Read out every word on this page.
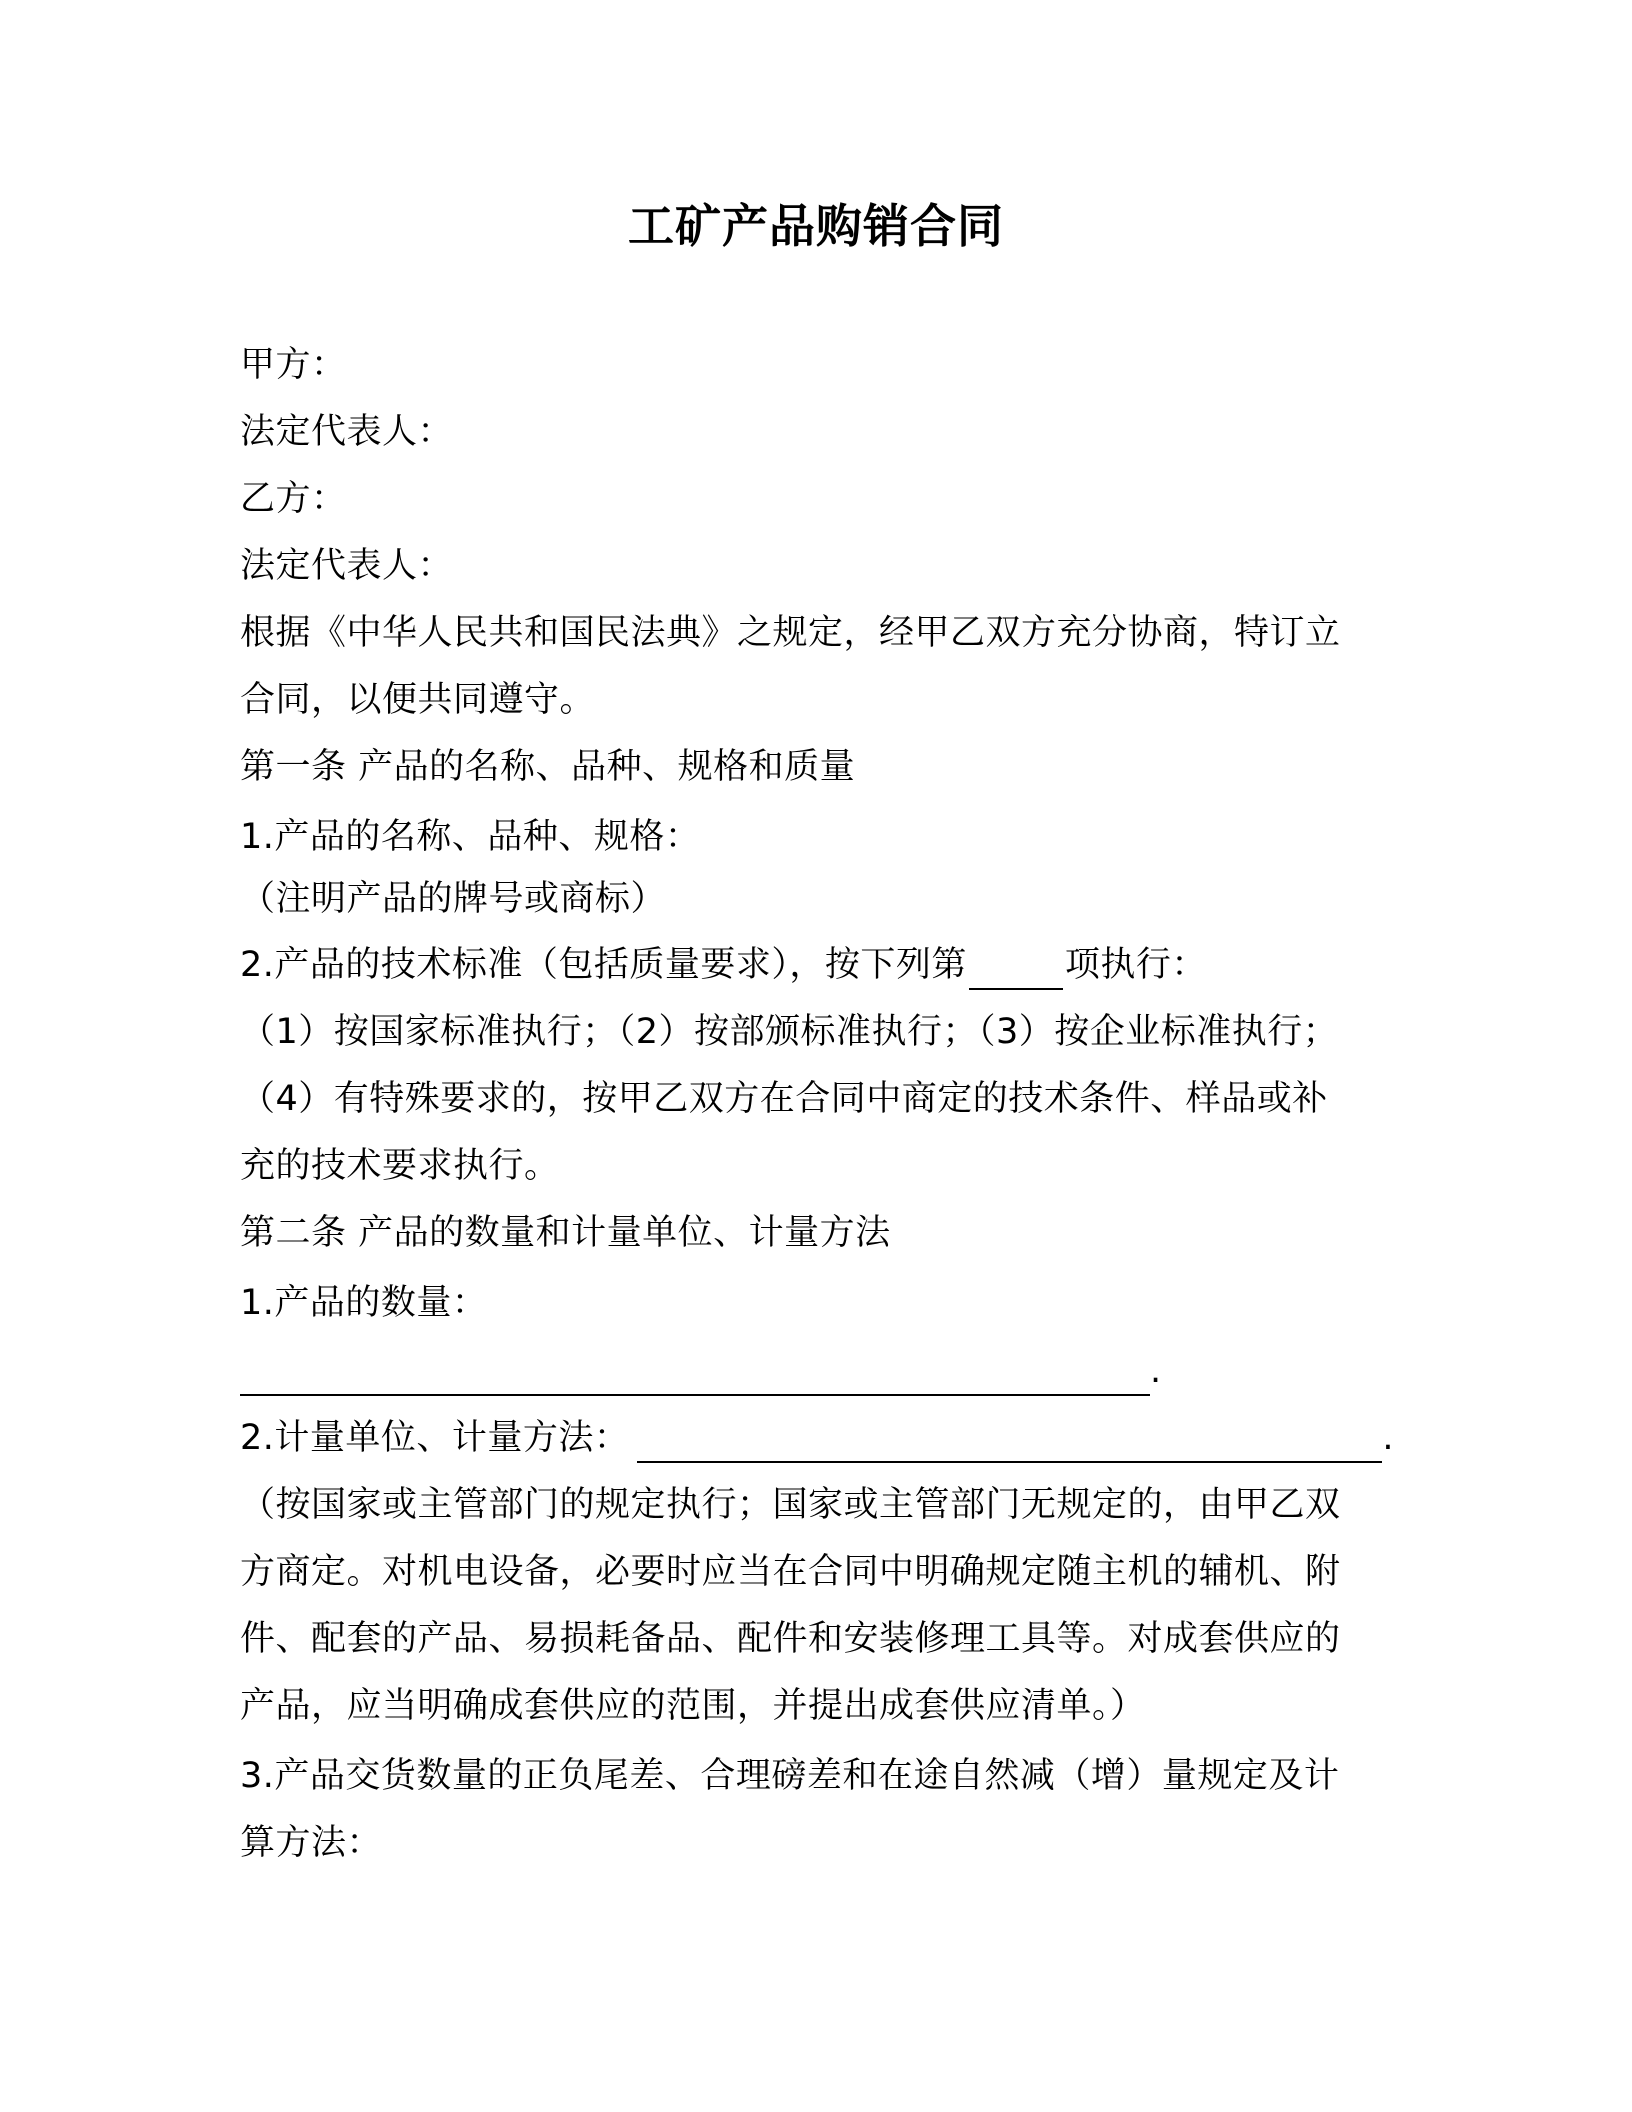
工矿产品购销合同
甲方：
法定代表人：
乙方：
法定代表人：
根据《中华人民共和国民法典》之规定，经甲乙双方充分协商，特订立
合同，以便共同遵守。
第一条 产品的名称、品种、规格和质量
1.产品的名称、品种、规格：
（注明产品的牌号或商标）
2.产品的技术标准（包括质量要求），按下列第	项执行：
（1）按国家标准执行；（2）按部颁标准执行；（3）按企业标准执行；
（4）有特殊要求的，按甲乙双方在合同中商定的技术条件、样品或补
充的技术要求执行。
第二条 产品的数量和计量单位、计量方法
1.产品的数量：
.
2.计量单位、计量方法：	.
（按国家或主管部门的规定执行；国家或主管部门无规定的，由甲乙双
方商定。对机电设备，必要时应当在合同中明确规定随主机的辅机、附
件、配套的产品、易损耗备品、配件和安装修理工具等。对成套供应的
产品，应当明确成套供应的范围，并提出成套供应清单。）
3.产品交货数量的正负尾差、合理磅差和在途自然减（增）量规定及计
算方法：
